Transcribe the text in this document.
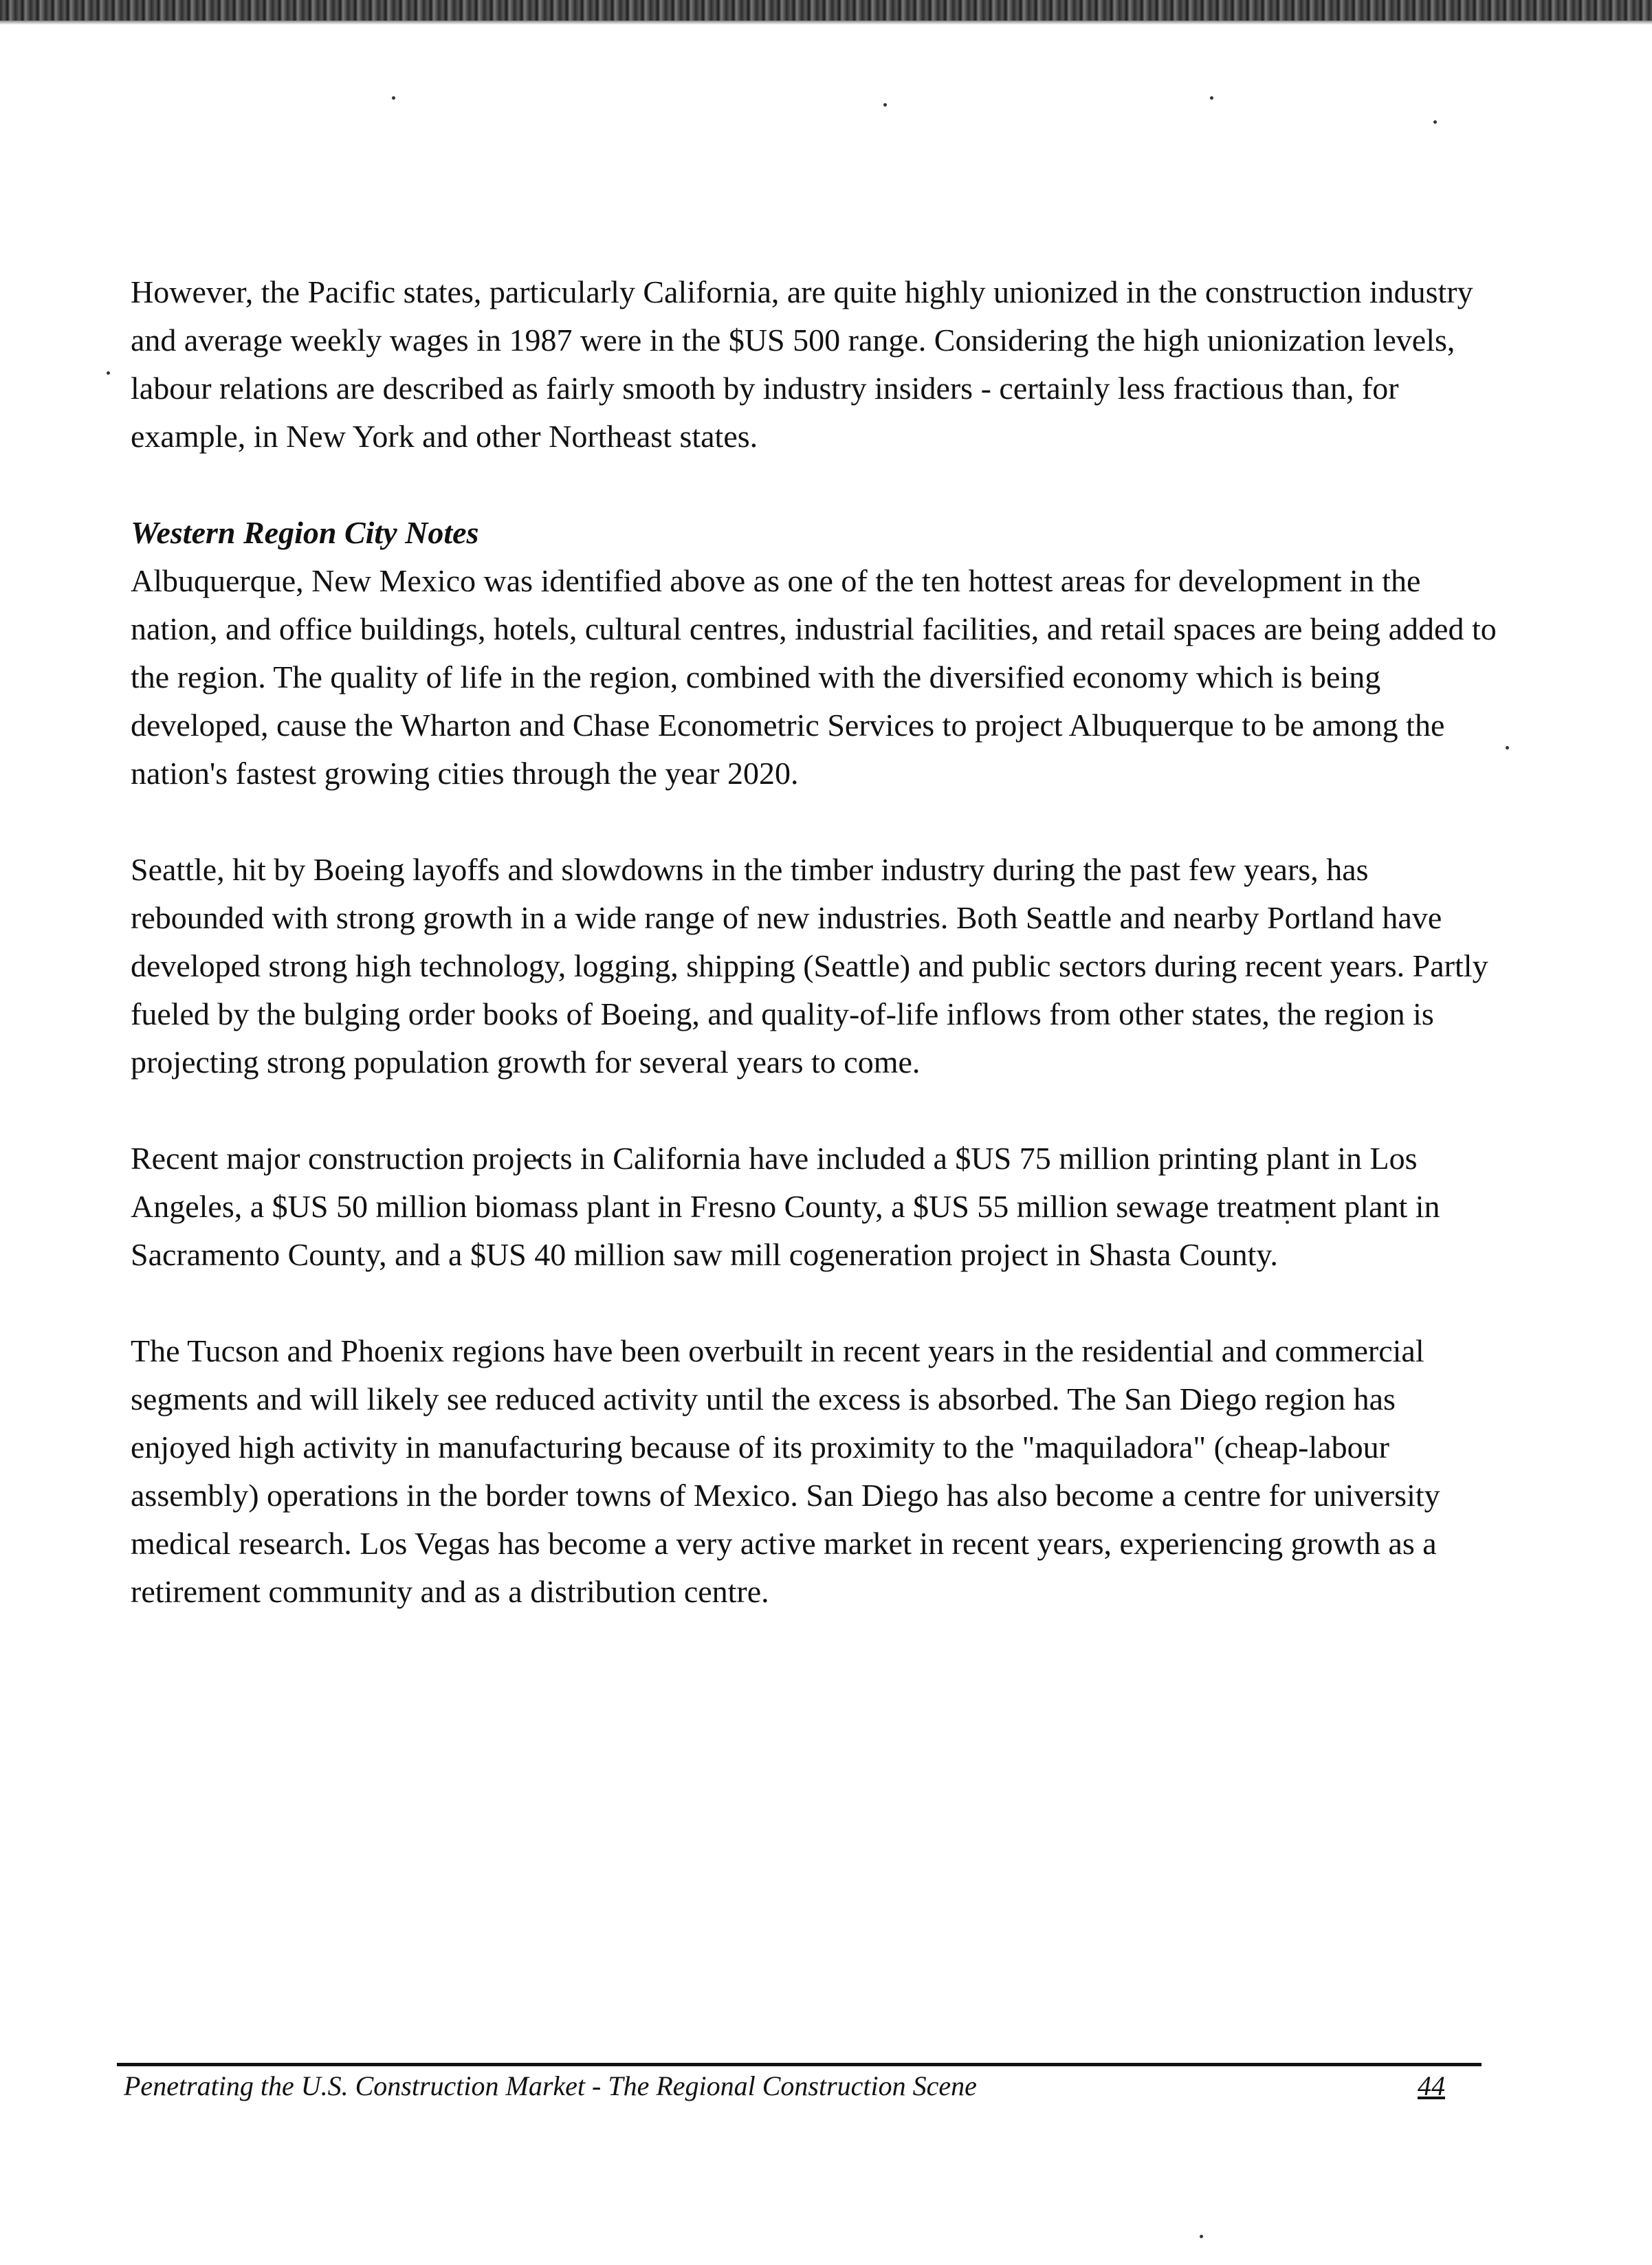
However, the Pacific states, particularly California, are quite highly unionized in the construction industry and average weekly wages in 1987 were in the $US 500 range. Considering the high unionization levels, labour relations are described as fairly smooth by industry insiders - certainly less fractious than, for example, in New York and other Northeast states.

Western Region City Notes

Albuquerque, New Mexico was identified above as one of the ten hottest areas for development in the nation, and office buildings, hotels, cultural centres, industrial facilities, and retail spaces are being added to the region. The quality of life in the region, combined with the diversified economy which is being developed, cause the Wharton and Chase Econometric Services to project Albuquerque to be among the nation's fastest growing cities through the year 2020.

Seattle, hit by Boeing layoffs and slowdowns in the timber industry during the past few years, has rebounded with strong growth in a wide range of new industries. Both Seattle and nearby Portland have developed strong high technology, logging, shipping (Seattle) and public sectors during recent years. Partly fueled by the bulging order books of Boeing, and quality-of-life inflows from other states, the region is projecting strong population growth for several years to come.

Recent major construction projects in California have included a $US 75 million printing plant in Los Angeles, a $US 50 million biomass plant in Fresno County, a $US 55 million sewage treatment plant in Sacramento County, and a $US 40 million saw mill cogeneration project in Shasta County.

The Tucson and Phoenix regions have been overbuilt in recent years in the residential and commercial segments and will likely see reduced activity until the excess is absorbed. The San Diego region has enjoyed high activity in manufacturing because of its proximity to the "maquiladora" (cheap-labour assembly) operations in the border towns of Mexico. San Diego has also become a centre for university medical research. Los Vegas has become a very active market in recent years, experiencing growth as a retirement community and as a distribution centre.

Penetrating the U.S. Construction Market - The Regional Construction Scene	44
